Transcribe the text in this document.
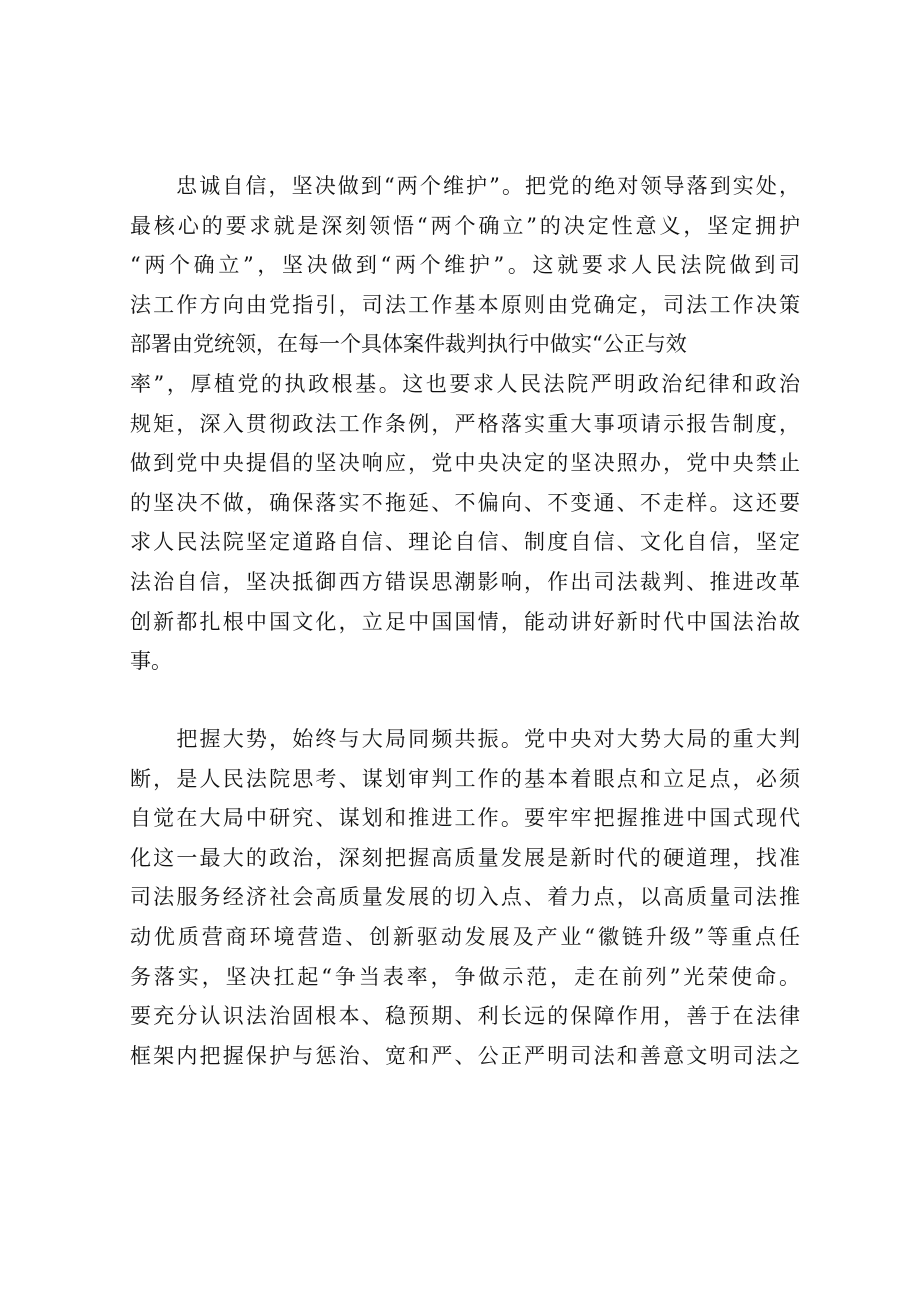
　　忠诚自信，坚决做到“两个维护”。把党的绝对领导落到实处，
最核心的要求就是深刻领悟“两个确立”的决定性意义，坚定拥护
“两个确立”，坚决做到“两个维护”。这就要求人民法院做到司
法工作方向由党指引，司法工作基本原则由党确定，司法工作决策
部署由党统领，在每一个具体案件裁判执行中做实“公正与效
率”，厚植党的执政根基。这也要求人民法院严明政治纪律和政治
规矩，深入贯彻政法工作条例，严格落实重大事项请示报告制度，
做到党中央提倡的坚决响应，党中央决定的坚决照办，党中央禁止
的坚决不做，确保落实不拖延、不偏向、不变通、不走样。这还要
求人民法院坚定道路自信、理论自信、制度自信、文化自信，坚定
法治自信，坚决抵御西方错误思潮影响，作出司法裁判、推进改革
创新都扎根中国文化，立足中国国情，能动讲好新时代中国法治故
事。
　　把握大势，始终与大局同频共振。党中央对大势大局的重大判
断，是人民法院思考、谋划审判工作的基本着眼点和立足点，必须
自觉在大局中研究、谋划和推进工作。要牢牢把握推进中国式现代
化这一最大的政治，深刻把握高质量发展是新时代的硬道理，找准
司法服务经济社会高质量发展的切入点、着力点，以高质量司法推
动优质营商环境营造、创新驱动发展及产业“徽链升级”等重点任
务落实，坚决扛起“争当表率，争做示范，走在前列”光荣使命。
要充分认识法治固根本、稳预期、利长远的保障作用，善于在法律
框架内把握保护与惩治、宽和严、公正严明司法和善意文明司法之
